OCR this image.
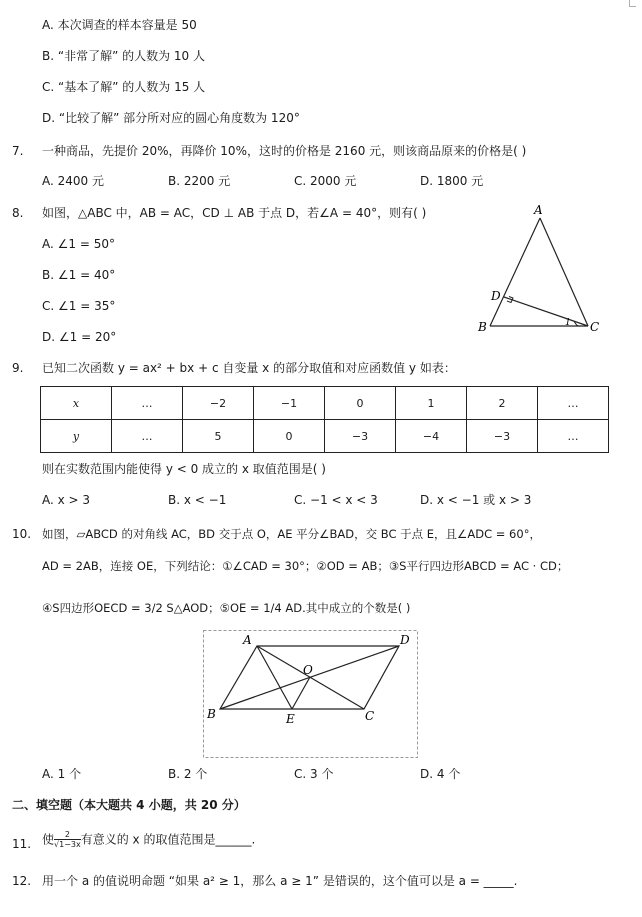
A. 本次调查的样本容量是 50
B. “非常了解” 的人数为 10 人
C. “基本了解” 的人数为 15 人
D. “比较了解” 部分所对应的圆心角度数为 120°
7. 一种商品，先提价 20%，再降价 10%，这时的价格是 2160 元，则该商品原来的价格是( )
A. 2400 元	B. 2200 元	C. 2000 元	D. 1800 元
8. 如图，△ABC 中，AB = AC，CD ⊥ AB 于点 D，若∠A = 40°，则有( )
A. ∠1 = 50°
B. ∠1 = 40°
C. ∠1 = 35°
D. ∠1 = 20°
A
B	C
D
1
9. 已知二次函数 y = ax² + bx + c 自变量 x 的部分取值和对应函数值 y 如表：
x	…	−2	−1	0	1	2	…
y	…	5	0	−3	−4	−3	…
则在实数范围内能使得 y < 0 成立的 x 取值范围是( )
A. x > 3	B. x < −1	C. −1 < x < 3	D. x < −1 或 x > 3
10. 如图，▱ABCD 的对角线 AC，BD 交于点 O，AE 平分∠BAD，交 BC 于点 E，且∠ADC = 60°，
AD = 2AB，连接 OE，下列结论：①∠CAD = 30°；②OD = AB；③S平行四边形ABCD = AC · CD；
④S四边形OECD = 3/2 S△AOD；⑤OE = 1/4 AD.其中成立的个数是( )
A	D
B	C
E
O
A. 1 个	B. 2 个	C. 3 个	D. 4 个
二、填空题（本大题共 4 小题，共 20 分）
11. 使 $\frac{2}{√1-3x}$ 有意义的 x 的取值范围是______.
12. 用一个 a 的值说明命题 “如果 a² ≥ 1，那么 a ≥ 1” 是错误的，这个值可以是 a = _____.
